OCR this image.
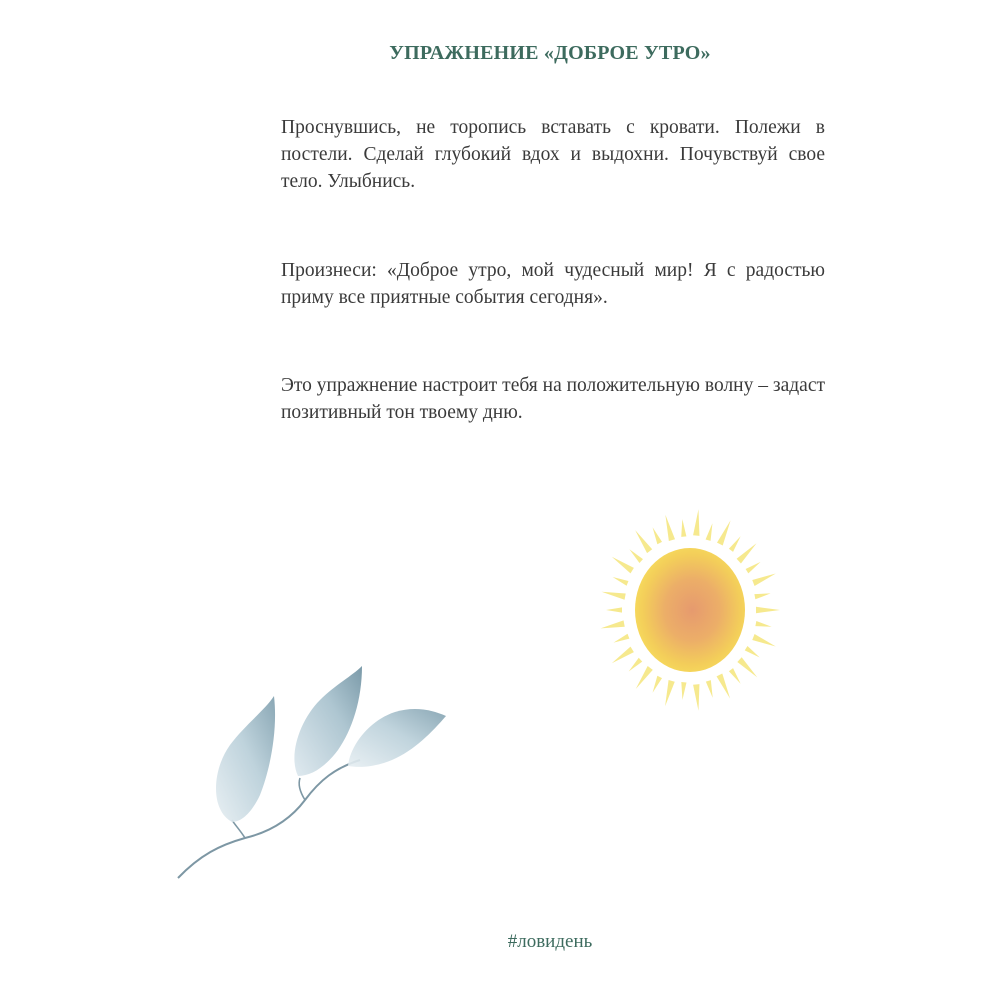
УПРАЖНЕНИЕ «ДОБРОЕ УТРО»

Проснувшись, не торопись вставать с кровати. Полежи в постели. Сделай глубокий вдох и выдохни. Почувствуй свое тело. Улыбнись.

Произнеси: «Доброе утро, мой чудесный мир! Я с радостью приму все приятные события сегодня».

Это упражнение настроит тебя на положительную волну – задаст позитивный тон твоему дню.

#ловидень
